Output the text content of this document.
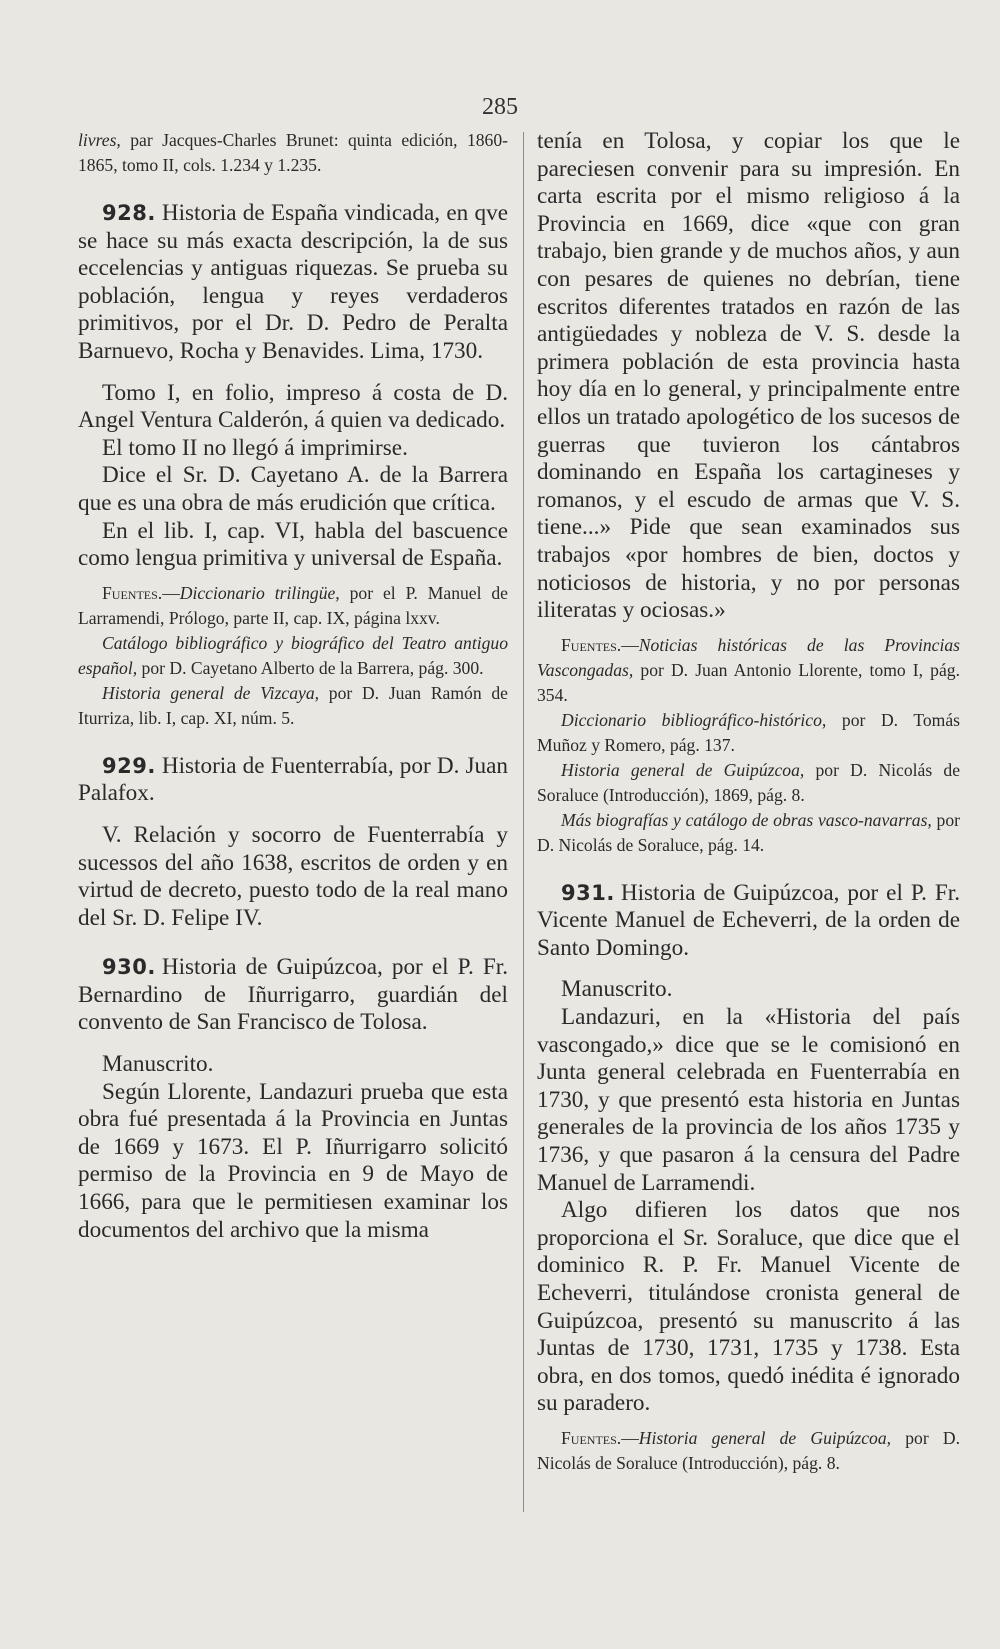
285

livres, par Jacques-Charles Brunet: quinta edición, 1860-1865, tomo II, cols. 1.234 y 1.235.

928. Historia de España vindicada, en qve se hace su más exacta descripción, la de sus eccelencias y antiguas riquezas. Se prueba su población, lengua y reyes verdaderos primitivos, por el Dr. D. Pedro de Peralta Barnuevo, Rocha y Benavides. Lima, 1730.

Tomo I, en folio, impreso á costa de D. Angel Ventura Calderón, á quien va dedicado.

El tomo II no llegó á imprimirse.

Dice el Sr. D. Cayetano A. de la Barrera que es una obra de más erudición que crítica.

En el lib. I, cap. VI, habla del bascuence como lengua primitiva y universal de España.

Fuentes.—Diccionario trilingüe, por el P. Manuel de Larramendi, Prólogo, parte II, cap. IX, página lxxv.

Catálogo bibliográfico y biográfico del Teatro antiguo español, por D. Cayetano Alberto de la Barrera, pág. 300.

Historia general de Vizcaya, por D. Juan Ramón de Iturriza, lib. I, cap. XI, núm. 5.

929. Historia de Fuenterrabía, por D. Juan Palafox.

V. Relación y socorro de Fuenterrabía y sucessos del año 1638, escritos de orden y en virtud de decreto, puesto todo de la real mano del Sr. D. Felipe IV.

930. Historia de Guipúzcoa, por el P. Fr. Bernardino de Iñurrigarro, guardián del convento de San Francisco de Tolosa.

Manuscrito.

Según Llorente, Landazuri prueba que esta obra fué presentada á la Provincia en Juntas de 1669 y 1673. El P. Iñurrigarro solicitó permiso de la Provincia en 9 de Mayo de 1666, para que le permitiesen examinar los documentos del archivo que la misma

tenía en Tolosa, y copiar los que le pareciesen convenir para su impresión. En carta escrita por el mismo religioso á la Provincia en 1669, dice «que con gran trabajo, bien grande y de muchos años, y aun con pesares de quienes no debrían, tiene escritos diferentes tratados en razón de las antigüedades y nobleza de V. S. desde la primera población de esta provincia hasta hoy día en lo general, y principalmente entre ellos un tratado apologético de los sucesos de guerras que tuvieron los cántabros dominando en España los cartagineses y romanos, y el escudo de armas que V. S. tiene...» Pide que sean examinados sus trabajos «por hombres de bien, doctos y noticiosos de historia, y no por personas iliteratas y ociosas.»

Fuentes.—Noticias históricas de las Provincias Vascongadas, por D. Juan Antonio Llorente, tomo I, pág. 354.

Diccionario bibliográfico-histórico, por D. Tomás Muñoz y Romero, pág. 137.

Historia general de Guipúzcoa, por D. Nicolás de Soraluce (Introducción), 1869, pág. 8.

Más biografías y catálogo de obras vasco-navarras, por D. Nicolás de Soraluce, pág. 14.

931. Historia de Guipúzcoa, por el P. Fr. Vicente Manuel de Echeverri, de la orden de Santo Domingo.

Manuscrito.

Landazuri, en la «Historia del país vascongado,» dice que se le comisionó en Junta general celebrada en Fuenterrabía en 1730, y que presentó esta historia en Juntas generales de la provincia de los años 1735 y 1736, y que pasaron á la censura del Padre Manuel de Larramendi.

Algo difieren los datos que nos proporciona el Sr. Soraluce, que dice que el dominico R. P. Fr. Manuel Vicente de Echeverri, titulándose cronista general de Guipúzcoa, presentó su manuscrito á las Juntas de 1730, 1731, 1735 y 1738. Esta obra, en dos tomos, quedó inédita é ignorado su paradero.

Fuentes.—Historia general de Guipúzcoa, por D. Nicolás de Soraluce (Introducción), pág. 8.
